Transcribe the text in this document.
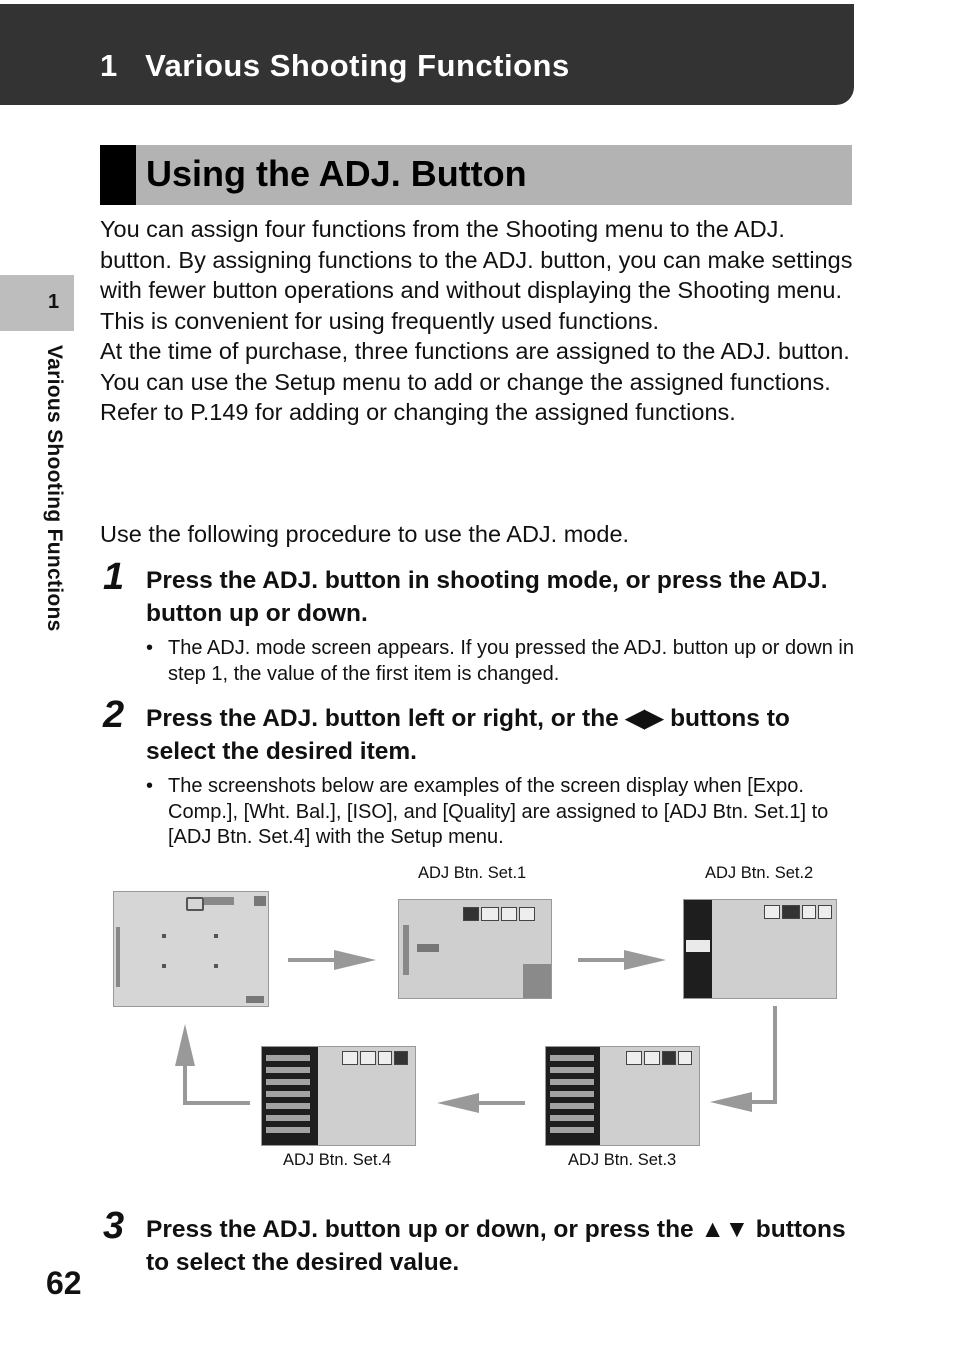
1   Various Shooting Functions
Using the ADJ. Button
1
Various Shooting Functions
You can assign four functions from the Shooting menu to the ADJ. button. By assigning functions to the ADJ. button, you can make settings with fewer button operations and without displaying the Shooting menu. This is convenient for using frequently used functions.
At the time of purchase, three functions are assigned to the ADJ. button. You can use the Setup menu to add or change the assigned functions. Refer to P.149 for adding or changing the assigned functions.
Use the following procedure to use the ADJ. mode.
1 Press the ADJ. button in shooting mode, or press the ADJ. button up or down.
• The ADJ. mode screen appears. If you pressed the ADJ. button up or down in step 1, the value of the first item is changed.
2 Press the ADJ. button left or right, or the ◀▶ buttons to select the desired item.
• The screenshots below are examples of the screen display when [Expo. Comp.], [Wht. Bal.], [ISO], and [Quality] are assigned to [ADJ Btn. Set.1] to [ADJ Btn. Set.4] with the Setup menu.
ADJ Btn. Set.1	ADJ Btn. Set.2
ADJ Btn. Set.3
ADJ Btn. Set.4
3 Press the ADJ. button up or down, or press the ▲▼ buttons to select the desired value.
62
